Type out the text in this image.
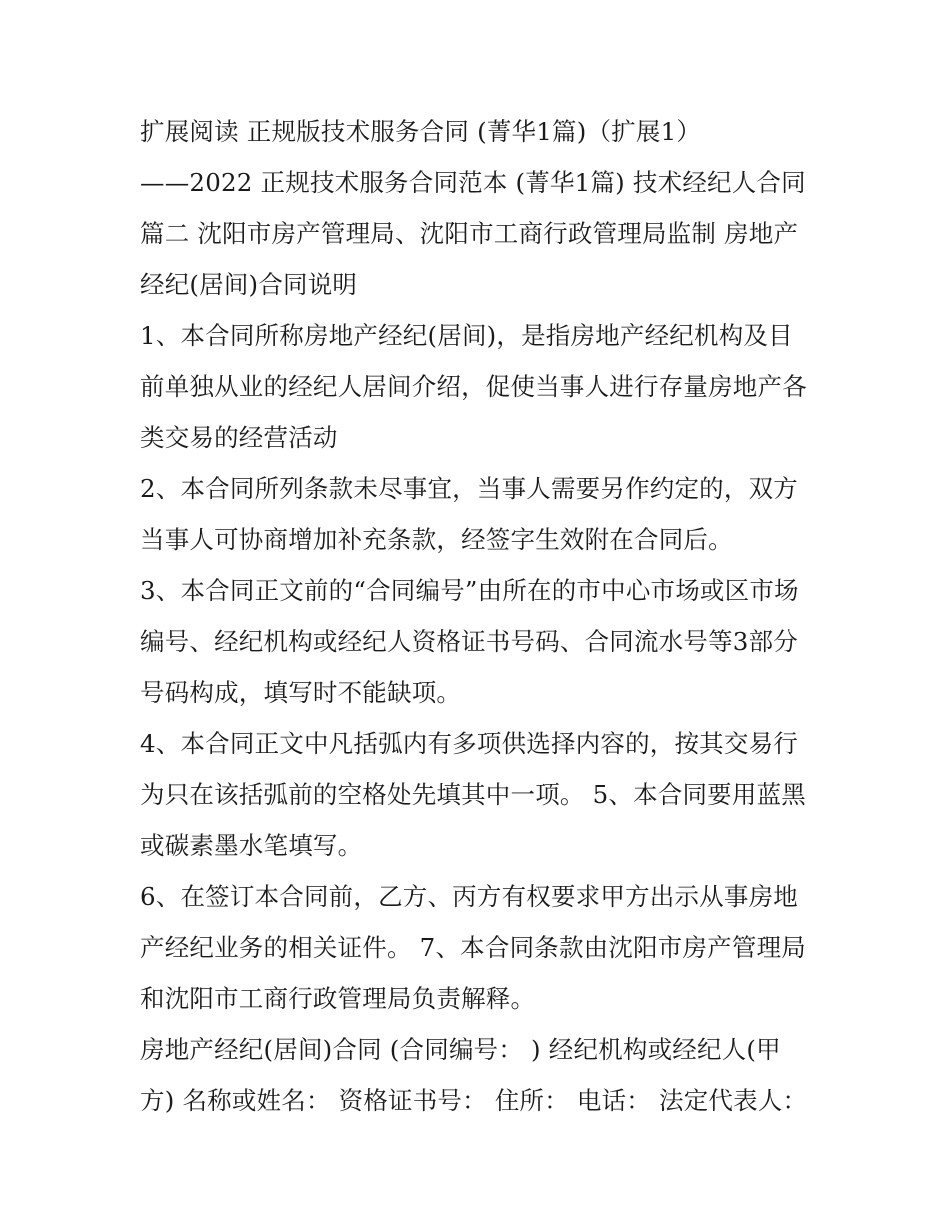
扩展阅读 正规版技术服务合同 (菁华1篇)（扩展1）
——2022 正规技术服务合同范本 (菁华1篇) 技术经纪人合同
篇二 沈阳市房产管理局、沈阳市工商行政管理局监制 房地产
经纪(居间)合同说明
1、本合同所称房地产经纪(居间)，是指房地产经纪机构及目
前单独从业的经纪人居间介绍，促使当事人进行存量房地产各
类交易的经营活动
2、本合同所列条款未尽事宜，当事人需要另作约定的，双方
当事人可协商增加补充条款，经签字生效附在合同后。
3、本合同正文前的“合同编号”由所在的市中心市场或区市场
编号、经纪机构或经纪人资格证书号码、合同流水号等3部分
号码构成，填写时不能缺项。
4、本合同正文中凡括弧内有多项供选择内容的，按其交易行
为只在该括弧前的空格处先填其中一项。 5、本合同要用蓝黑
或碳素墨水笔填写。
6、在签订本合同前，乙方、丙方有权要求甲方出示从事房地
产经纪业务的相关证件。 7、本合同条款由沈阳市房产管理局
和沈阳市工商行政管理局负责解释。
房地产经纪(居间)合同 (合同编号： ) 经纪机构或经纪人(甲
方) 名称或姓名： 资格证书号： 住所： 电话： 法定代表人：
